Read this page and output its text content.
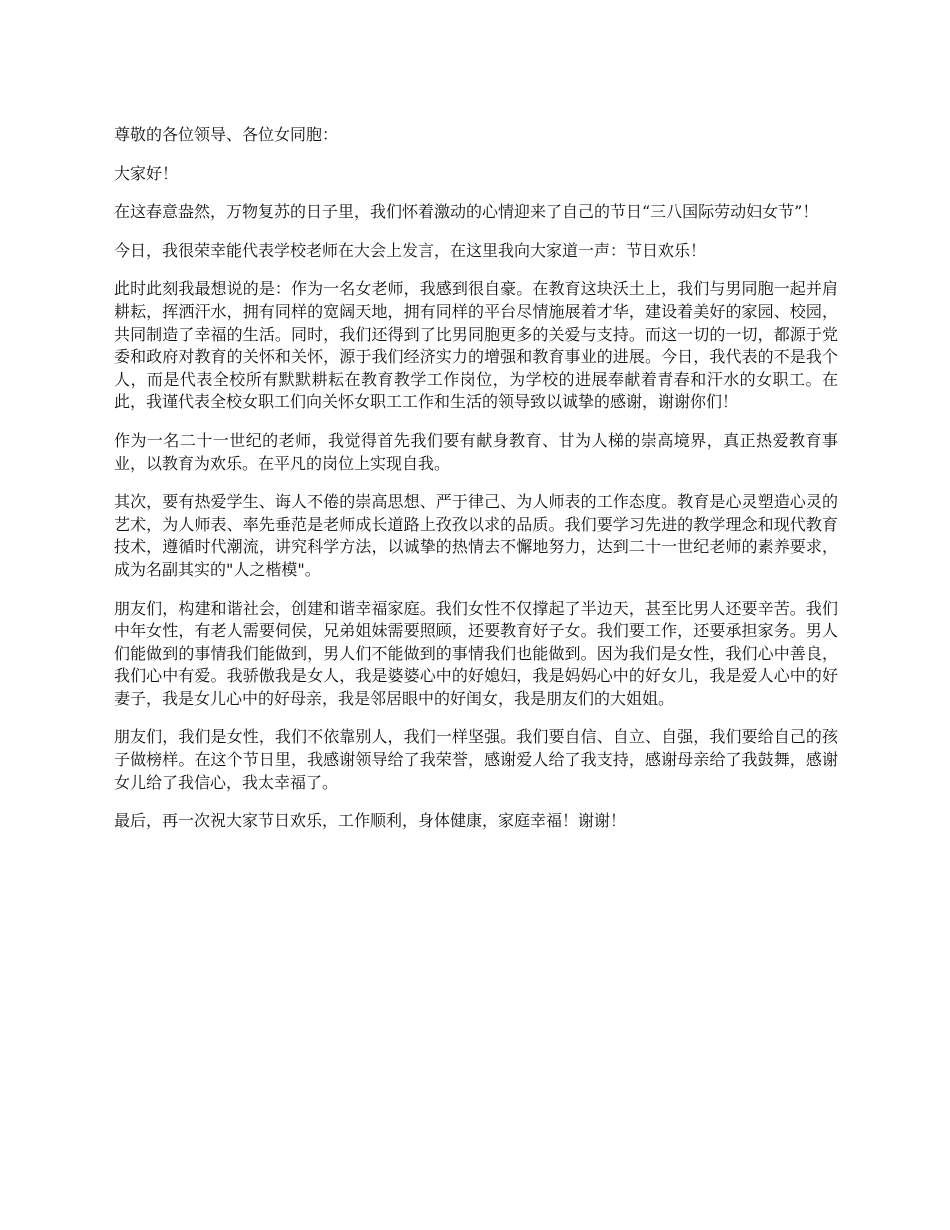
尊敬的各位领导、各位女同胞：

大家好！

在这春意盎然，万物复苏的日子里，我们怀着激动的心情迎来了自己的节日“三八国际劳动妇女节”！

今日，我很荣幸能代表学校老师在大会上发言，在这里我向大家道一声：节日欢乐！

此时此刻我最想说的是：作为一名女老师，我感到很自豪。在教育这块沃土上，我们与男同胞一起并肩耕耘，挥洒汗水，拥有同样的宽阔天地，拥有同样的平台尽情施展着才华，建设着美好的家园、校园，共同制造了幸福的生活。同时，我们还得到了比男同胞更多的关爱与支持。而这一切的一切，都源于党委和政府对教育的关怀和关怀，源于我们经济实力的增强和教育事业的进展。今日，我代表的不是我个人，而是代表全校所有默默耕耘在教育教学工作岗位，为学校的进展奉献着青春和汗水的女职工。在此，我谨代表全校女职工们向关怀女职工工作和生活的领导致以诚挚的感谢，谢谢你们！

作为一名二十一世纪的老师，我觉得首先我们要有献身教育、甘为人梯的崇高境界，真正热爱教育事业，以教育为欢乐。在平凡的岗位上实现自我。

其次，要有热爱学生、诲人不倦的崇高思想、严于律己、为人师表的工作态度。教育是心灵塑造心灵的艺术，为人师表、率先垂范是老师成长道路上孜孜以求的品质。我们要学习先进的教学理念和现代教育技术，遵循时代潮流，讲究科学方法，以诚挚的热情去不懈地努力，达到二十一世纪老师的素养要求，成为名副其实的"人之楷模"。

朋友们，构建和谐社会，创建和谐幸福家庭。我们女性不仅撑起了半边天，甚至比男人还要辛苦。我们中年女性，有老人需要伺侯，兄弟姐妹需要照顾，还要教育好子女。我们要工作，还要承担家务。男人们能做到的事情我们能做到，男人们不能做到的事情我们也能做到。因为我们是女性，我们心中善良，我们心中有爱。我骄傲我是女人，我是婆婆心中的好媳妇，我是妈妈心中的好女儿，我是爱人心中的好妻子，我是女儿心中的好母亲，我是邻居眼中的好闺女，我是朋友们的大姐姐。

朋友们，我们是女性，我们不依靠别人，我们一样坚强。我们要自信、自立、自强，我们要给自己的孩子做榜样。在这个节日里，我感谢领导给了我荣誉，感谢爱人给了我支持，感谢母亲给了我鼓舞，感谢女儿给了我信心，我太幸福了。

最后，再一次祝大家节日欢乐，工作顺利，身体健康，家庭幸福！谢谢！
